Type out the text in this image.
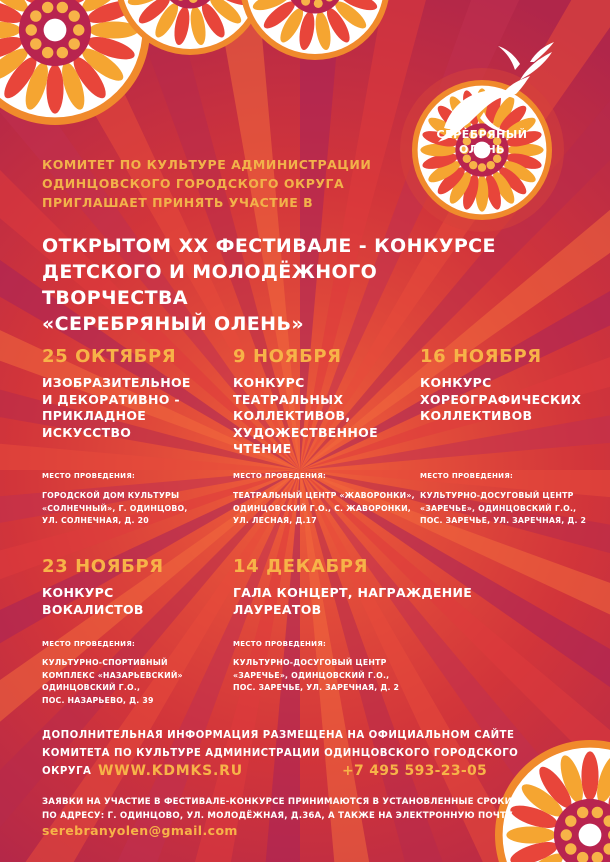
СЕРЕБРЯНЫЙ
ОЛЕНЬ
КОМИТЕТ ПО КУЛЬТУРЕ АДМИНИСТРАЦИИ
ОДИНЦОВСКОГО ГОРОДСКОГО ОКРУГА
ПРИГЛАШАЕТ ПРИНЯТЬ УЧАСТИЕ В
ОТКРЫТОМ XX ФЕСТИВАЛЕ - КОНКУРСЕ
ДЕТСКОГО И МОЛОДЁЖНОГО ТВОРЧЕСТВА
«СЕРЕБРЯНЫЙ ОЛЕНЬ»
25 ОКТЯБРЯ
ИЗОБРАЗИТЕЛЬНОЕ
И ДЕКОРАТИВНО -
ПРИКЛАДНОЕ
ИСКУССТВО
МЕСТО ПРОВЕДЕНИЯ:
ГОРОДСКОЙ ДОМ КУЛЬТУРЫ
«СОЛНЕЧНЫЙ», Г. ОДИНЦОВО,
УЛ. СОЛНЕЧНАЯ, Д. 20
9 НОЯБРЯ
КОНКУРС
ТЕАТРАЛЬНЫХ
КОЛЛЕКТИВОВ,
ХУДОЖЕСТВЕННОЕ
ЧТЕНИЕ
МЕСТО ПРОВЕДЕНИЯ:
ТЕАТРАЛЬНЫЙ ЦЕНТР «ЖАВОРОНКИ»,
ОДИНЦОВСКИЙ Г.О., С. ЖАВОРОНКИ,
УЛ. ЛЕСНАЯ, Д.17
16 НОЯБРЯ
КОНКУРС
ХОРЕОГРАФИЧЕСКИХ
КОЛЛЕКТИВОВ
МЕСТО ПРОВЕДЕНИЯ:
КУЛЬТУРНО-ДОСУГОВЫЙ ЦЕНТР
«ЗАРЕЧЬЕ», ОДИНЦОВСКИЙ Г.О.,
ПОС. ЗАРЕЧЬЕ, УЛ. ЗАРЕЧНАЯ, Д. 2
23 НОЯБРЯ
КОНКУРС
ВОКАЛИСТОВ
МЕСТО ПРОВЕДЕНИЯ:
КУЛЬТУРНО-СПОРТИВНЫЙ
КОМПЛЕКС «НАЗАРЬЕВСКИЙ»
ОДИНЦОВСКИЙ Г.О.,
ПОС. НАЗАРЬЕВО, Д. 39
14 ДЕКАБРЯ
ГАЛА КОНЦЕРТ, НАГРАЖДЕНИЕ
ЛАУРЕАТОВ
МЕСТО ПРОВЕДЕНИЯ:
КУЛЬТУРНО-ДОСУГОВЫЙ ЦЕНТР
«ЗАРЕЧЬЕ», ОДИНЦОВСКИЙ Г.О.,
ПОС. ЗАРЕЧЬЕ, УЛ. ЗАРЕЧНАЯ, Д. 2
ДОПОЛНИТЕЛЬНАЯ ИНФОРМАЦИЯ РАЗМЕЩЕНА НА ОФИЦИАЛЬНОМ САЙТЕ
КОМИТЕТА ПО КУЛЬТУРЕ АДМИНИСТРАЦИИ ОДИНЦОВСКОГО ГОРОДСКОГО
ОКРУГА WWW.KDMKS.RU	+7 495 593-23-05
ЗАЯВКИ НА УЧАСТИЕ В ФЕСТИВАЛЕ-КОНКУРСЕ ПРИНИМАЮТСЯ В УСТАНОВЛЕННЫЕ СРОКИ
ПО АДРЕСУ: Г. ОДИНЦОВО, УЛ. МОЛОДЁЖНАЯ, Д.36А, А ТАКЖЕ НА ЭЛЕКТРОННУЮ ПОЧТУ
serebranyolen@gmail.com
